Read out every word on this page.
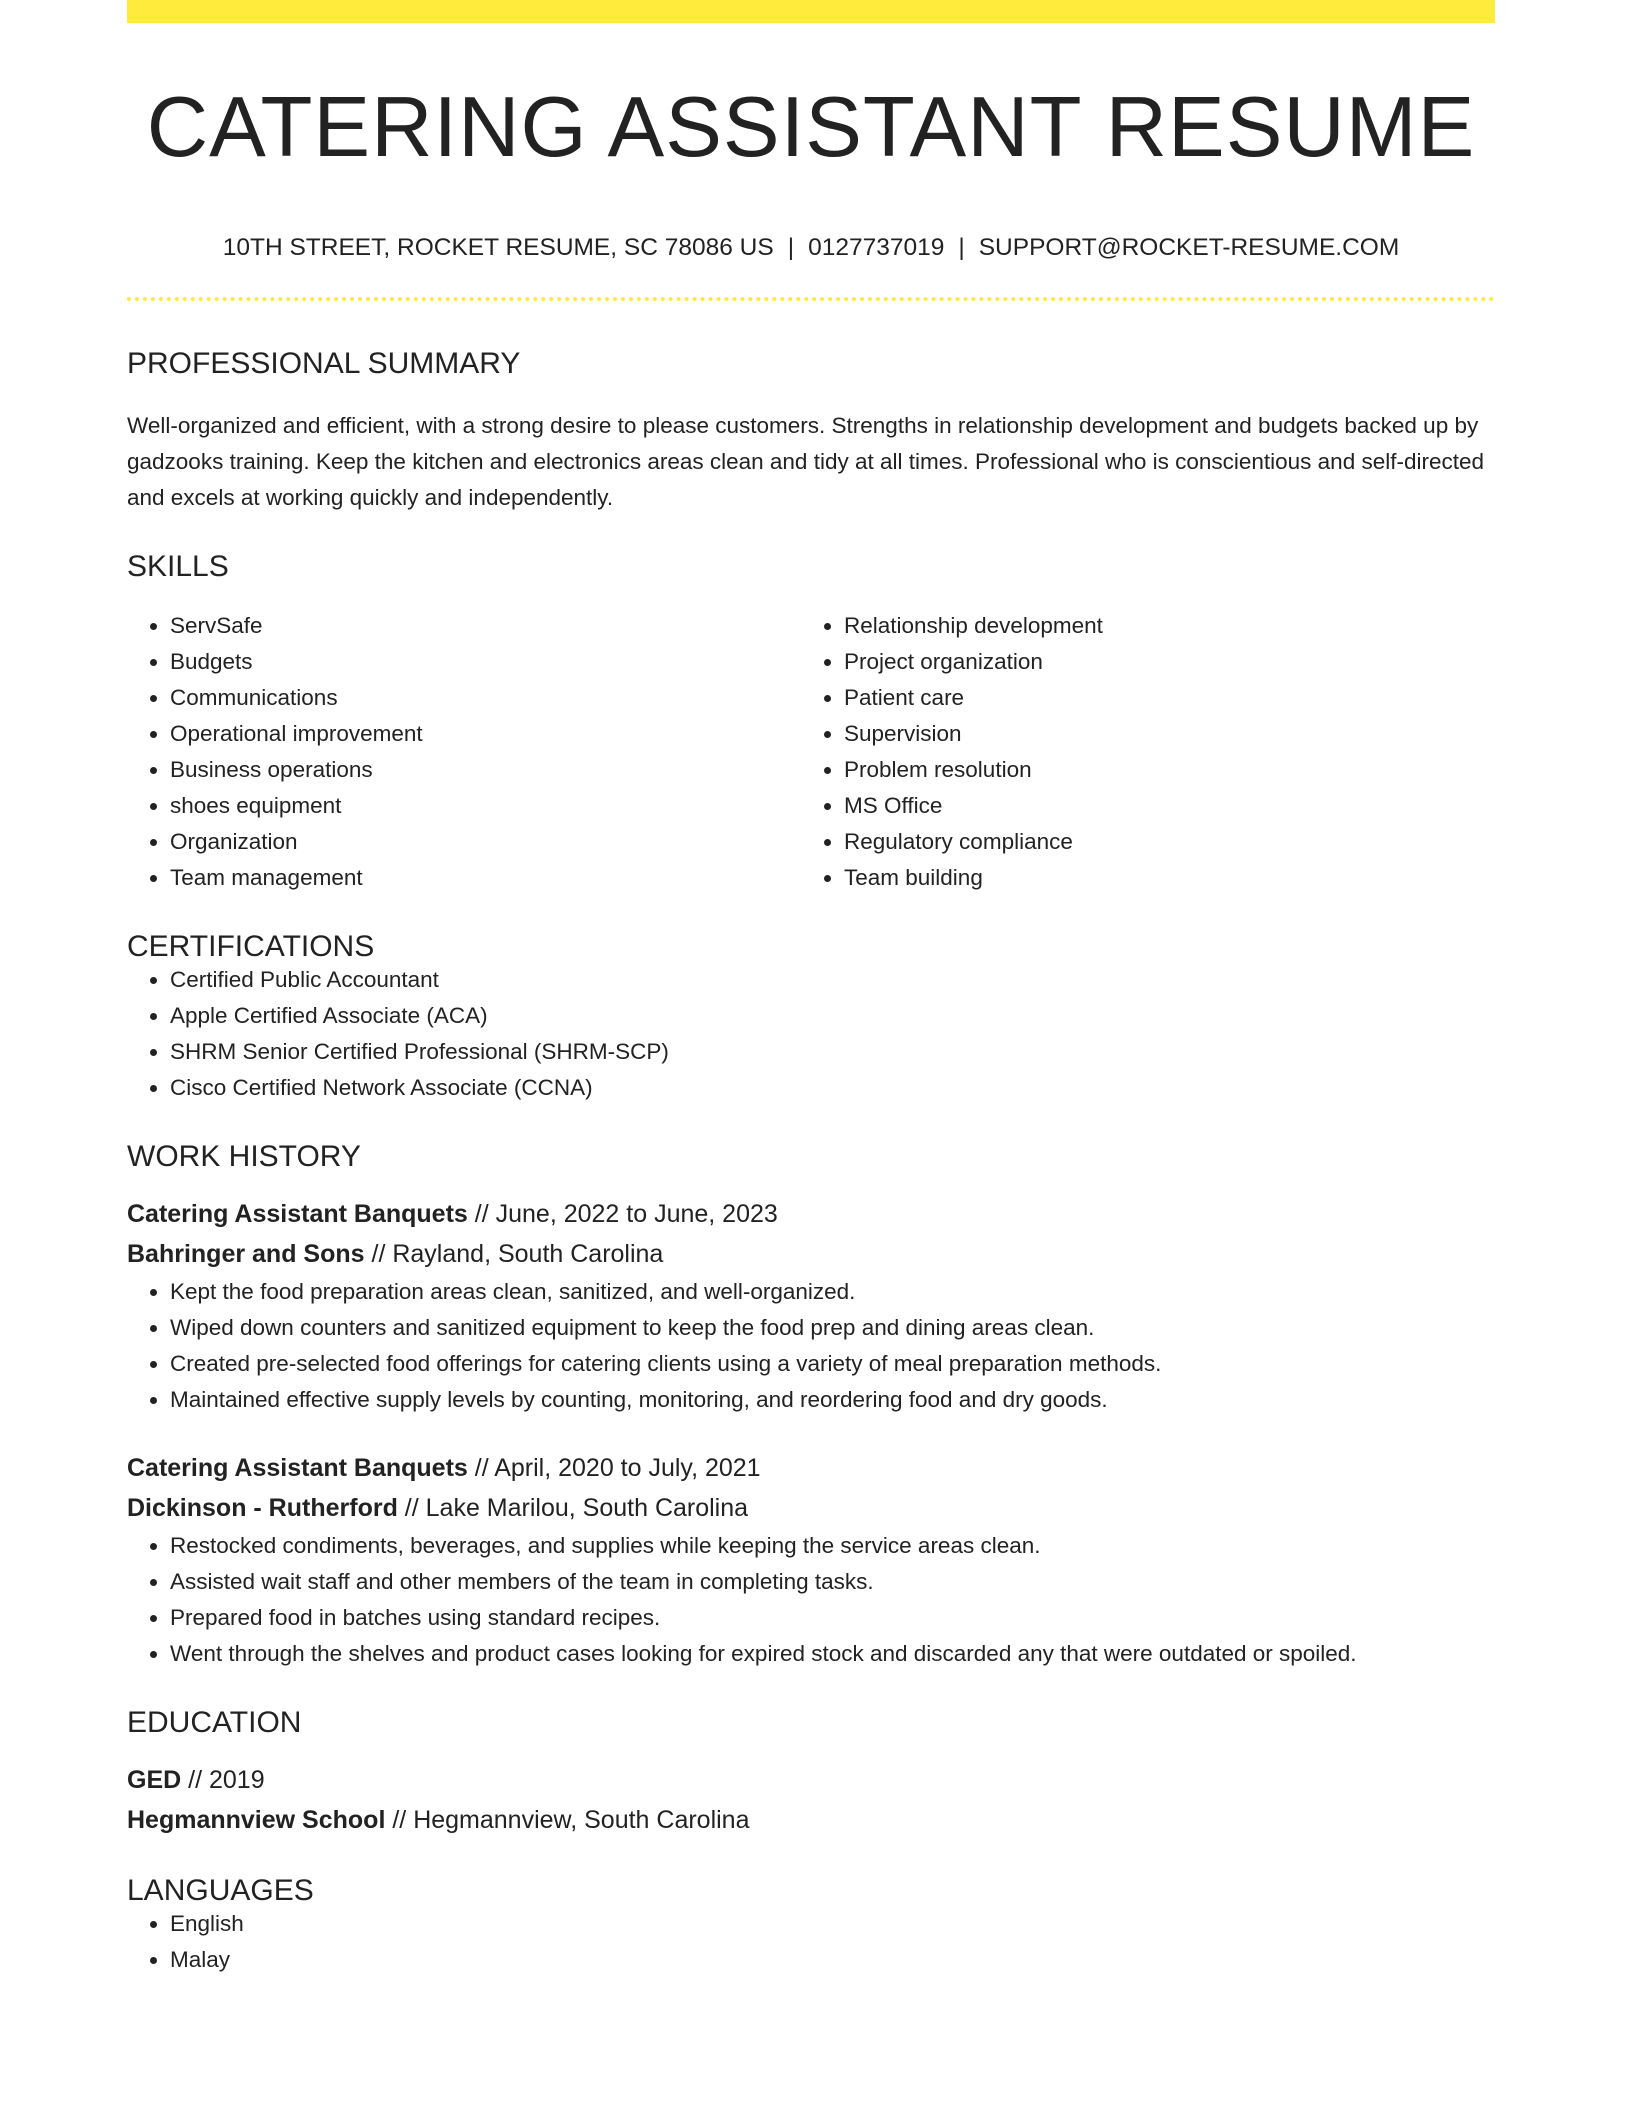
CATERING ASSISTANT RESUME
10TH STREET, ROCKET RESUME, SC 78086 US | 0127737019 | SUPPORT@ROCKET-RESUME.COM
PROFESSIONAL SUMMARY
Well-organized and efficient, with a strong desire to please customers. Strengths in relationship development and budgets backed up by gadzooks training. Keep the kitchen and electronics areas clean and tidy at all times. Professional who is conscientious and self-directed and excels at working quickly and independently.
SKILLS
• ServSafe
• Budgets
• Communications
• Operational improvement
• Business operations
• shoes equipment
• Organization
• Team management
• Relationship development
• Project organization
• Patient care
• Supervision
• Problem resolution
• MS Office
• Regulatory compliance
• Team building
CERTIFICATIONS
• Certified Public Accountant
• Apple Certified Associate (ACA)
• SHRM Senior Certified Professional (SHRM-SCP)
• Cisco Certified Network Associate (CCNA)
WORK HISTORY
Catering Assistant Banquets // June, 2022 to June, 2023
Bahringer and Sons // Rayland, South Carolina
• Kept the food preparation areas clean, sanitized, and well-organized.
• Wiped down counters and sanitized equipment to keep the food prep and dining areas clean.
• Created pre-selected food offerings for catering clients using a variety of meal preparation methods.
• Maintained effective supply levels by counting, monitoring, and reordering food and dry goods.
Catering Assistant Banquets // April, 2020 to July, 2021
Dickinson - Rutherford // Lake Marilou, South Carolina
• Restocked condiments, beverages, and supplies while keeping the service areas clean.
• Assisted wait staff and other members of the team in completing tasks.
• Prepared food in batches using standard recipes.
• Went through the shelves and product cases looking for expired stock and discarded any that were outdated or spoiled.
EDUCATION
GED // 2019
Hegmannview School // Hegmannview, South Carolina
LANGUAGES
• English
• Malay
